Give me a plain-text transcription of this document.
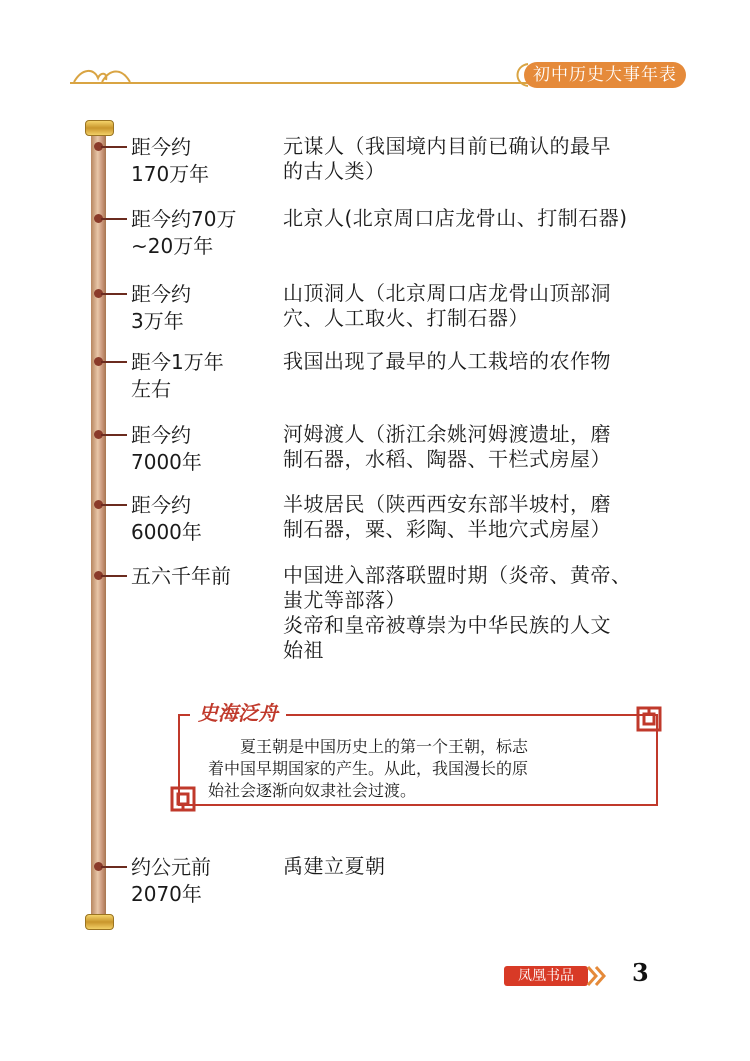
初中历史大事年表
距今约
170万年
元谋人（我国境内目前已确认的最早
的古人类）
距今约70万
~20万年
北京人(北京周口店龙骨山、打制石器)
距今约
3万年
山顶洞人（北京周口店龙骨山顶部洞
穴、人工取火、打制石器）
距今1万年
左右
我国出现了最早的人工栽培的农作物
距今约
7000年
河姆渡人（浙江余姚河姆渡遗址，磨
制石器，水稻、陶器、干栏式房屋）
距今约
6000年
半坡居民（陕西西安东部半坡村，磨
制石器，粟、彩陶、半地穴式房屋）
五六千年前	中国进入部落联盟时期（炎帝、黄帝、
蚩尤等部落）
炎帝和皇帝被尊崇为中华民族的人文
始祖
史海泛舟
　　夏王朝是中国历史上的第一个王朝，标志
着中国早期国家的产生。从此，我国漫长的原
始社会逐渐向奴隶社会过渡。
约公元前
2070年
禹建立夏朝
凤凰书品	3
